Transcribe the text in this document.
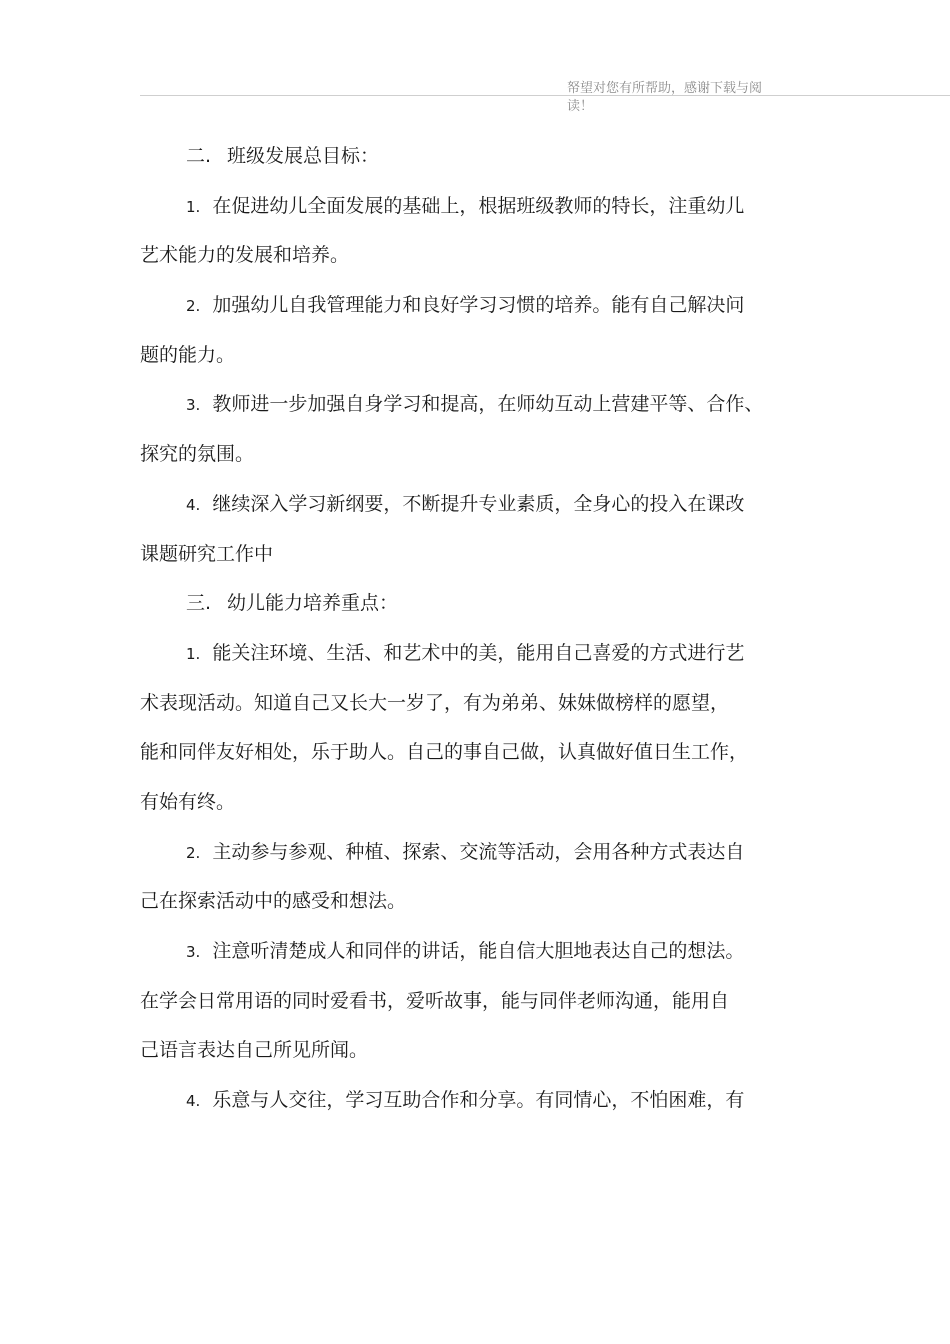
帑望对您有所帮助，感谢下载与阅
读！
二. 班级发展总目标：
1. 在促进幼儿全面发展的基础上，根据班级教师的特长，注重幼儿
艺术能力的发展和培养。
2. 加强幼儿自我管理能力和良好学习习惯的培养。能有自己解决问
题的能力。
3. 教师进一步加强自身学习和提高，在师幼互动上营建平等、合作、
探究的氛围。
4. 继续深入学习新纲要，不断提升专业素质，全身心的投入在课改
课题研究工作中
三. 幼儿能力培养重点：
1. 能关注环境、生活、和艺术中的美，能用自己喜爱的方式进行艺
术表现活动。知道自己又长大一岁了，有为弟弟、妹妹做榜样的愿望，
能和同伴友好相处，乐于助人。自己的事自己做，认真做好值日生工作，
有始有终。
2. 主动参与参观、种植、探索、交流等活动，会用各种方式表达自
己在探索活动中的感受和想法。
3. 注意听清楚成人和同伴的讲话，能自信大胆地表达自己的想法。
在学会日常用语的同时爱看书，爱听故事，能与同伴老师沟通，能用自
己语言表达自己所见所闻。
4. 乐意与人交往，学习互助合作和分享。有同情心，不怕困难，有
